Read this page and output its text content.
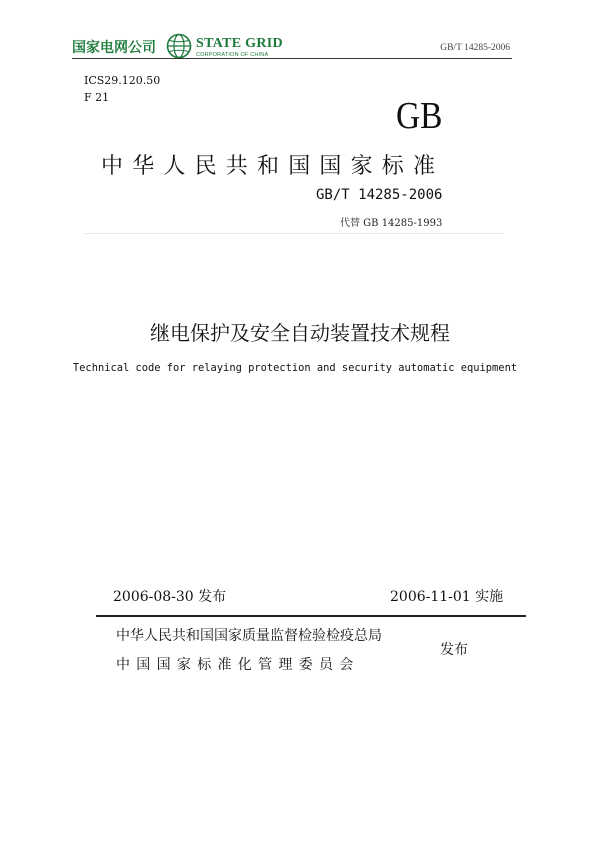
国家电网公司	STATE GRID
CORPORATION OF CHINA
GB/T 14285-2006
ICS29.120.50
F 21	GB
中华人民共和国国家标准
GB/T 14285-2006
代替 GB 14285-1993
继电保护及安全自动装置技术规程
Technical code for relaying protection and security automatic equipment
2006-08-30 发布	2006-11-01 实施
中华人民共和国国家质量监督检验检疫总局
中国国家标准化管理委员会
发布
